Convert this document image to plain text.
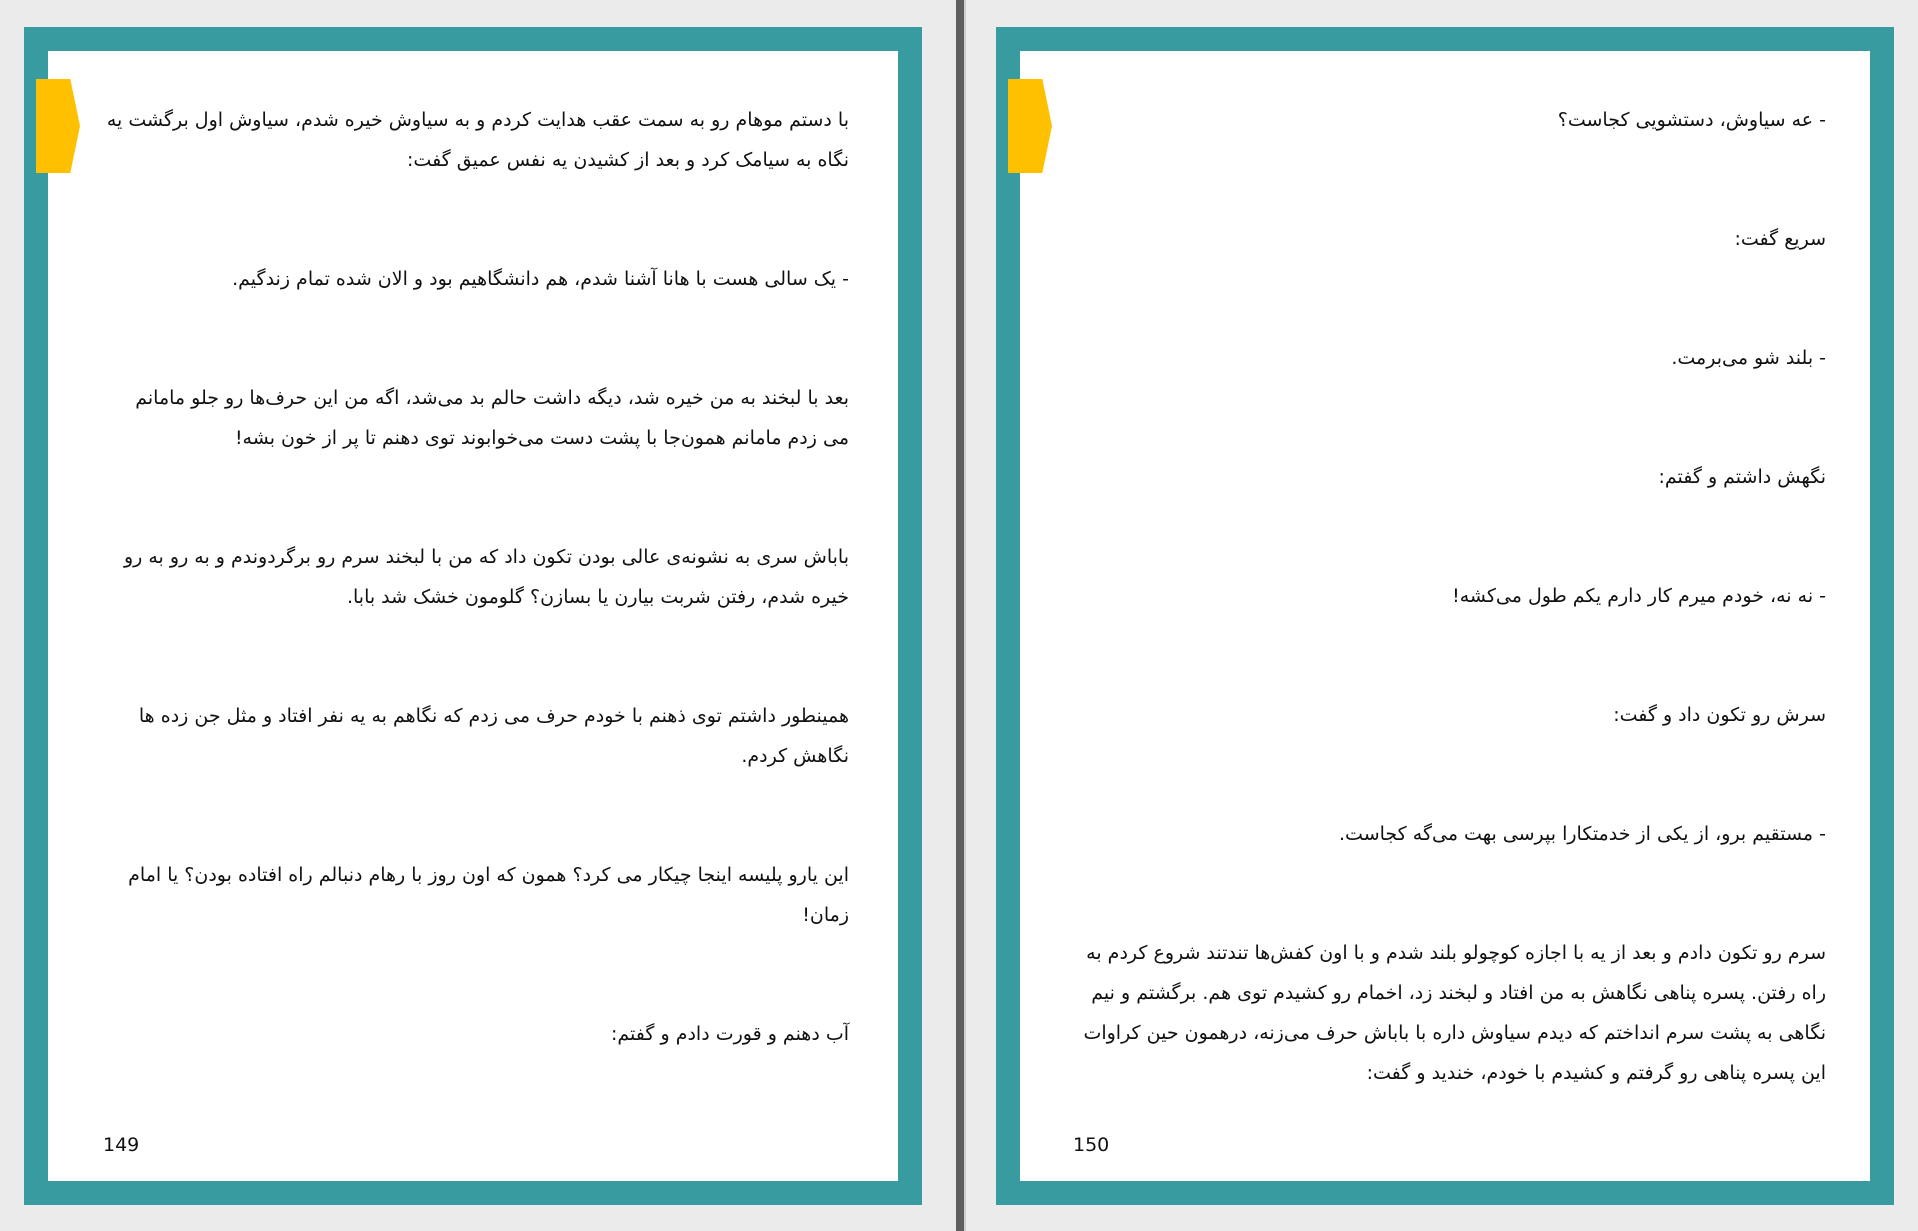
با دستم موهام رو به سمت عقب هدایت کردم و به سیاوش خیره شدم، سیاوش اول برگشت یه نگاه به سیامک کرد و بعد از کشیدن یه نفس عمیق گفت:

- یک سالی هست با هانا آشنا شدم، هم دانشگاهیم بود و الان شده تمام زندگیم.

بعد با لبخند به من خیره شد، دیگه داشت حالم بد می‌شد، اگه من این حرف‌ها رو جلو مامانم می زدم مامانم همون‌جا با پشت دست می‌خوابوند توی دهنم تا پر از خون بشه!

باباش سری به نشونه‌ی عالی بودن تکون داد که من با لبخند سرم رو برگردوندم و به رو به رو خیره شدم، رفتن شربت بیارن یا بسازن؟ گلومون خشک شد بابا.

همینطور داشتم توی ذهنم با خودم حرف می زدم که نگاهم به یه نفر افتاد و مثل جن زده ها نگاهش کردم.

این یارو پلیسه اینجا چیکار می کرد؟ همون که اون روز با رهام دنبالم راه افتاده بودن؟ یا امام زمان!

آب دهنم و قورت دادم و گفتم:

149

- عه سیاوش، دستشویی کجاست؟

سریع گفت:

- بلند شو می‌برمت.

نگهش داشتم و گفتم:

- نه نه، خودم میرم کار دارم یکم طول می‌کشه!

سرش رو تکون داد و گفت:

- مستقیم برو، از یکی از خدمتکارا بپرسی بهت می‌گه کجاست.

سرم رو تکون دادم و بعد از یه با اجازه کوچولو بلند شدم و با اون کفش‌ها تندتند شروع کردم به راه رفتن. پسره پناهی نگاهش به من افتاد و لبخند زد، اخمام رو کشیدم توی هم. برگشتم و نیم نگاهی به پشت سرم انداختم که دیدم سیاوش داره با باباش حرف می‌زنه، درهمون حین کراوات این پسره پناهی رو گرفتم و کشیدم با خودم، خندید و گفت:

150
